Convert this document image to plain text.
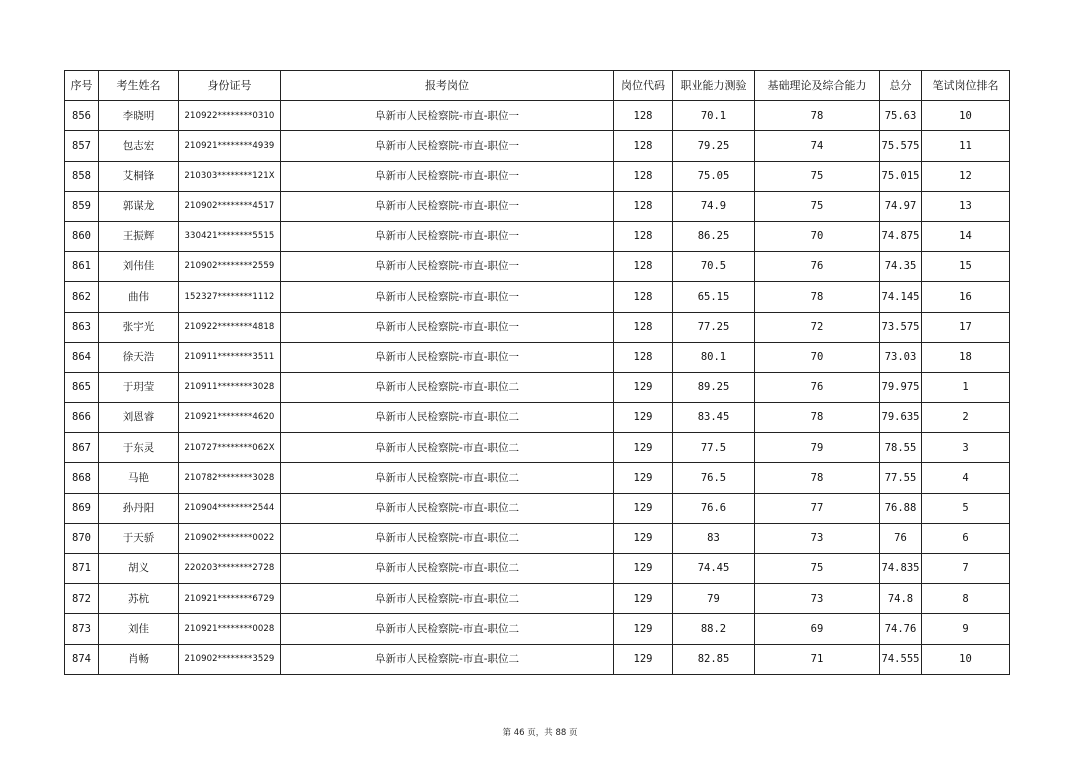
序号	考生姓名	身份证号	报考岗位	岗位代码	职业能力测验	基础理论及综合能力	总分	笔试岗位排名
856	李晓明	210922********0310	阜新市人民检察院-市直-职位一	128	70.1	78	75.63	10
857	包志宏	210921********4939	阜新市人民检察院-市直-职位一	128	79.25	74	75.575	11
858	艾桐锋	210303********121X	阜新市人民检察院-市直-职位一	128	75.05	75	75.015	12
859	郭谋龙	210902********4517	阜新市人民检察院-市直-职位一	128	74.9	75	74.97	13
860	王振辉	330421********5515	阜新市人民检察院-市直-职位一	128	86.25	70	74.875	14
861	刘伟佳	210902********2559	阜新市人民检察院-市直-职位一	128	70.5	76	74.35	15
862	曲伟	152327********1112	阜新市人民检察院-市直-职位一	128	65.15	78	74.145	16
863	张宇光	210922********4818	阜新市人民检察院-市直-职位一	128	77.25	72	73.575	17
864	徐天浩	210911********3511	阜新市人民检察院-市直-职位一	128	80.1	70	73.03	18
865	于玥莹	210911********3028	阜新市人民检察院-市直-职位二	129	89.25	76	79.975	1
866	刘恩睿	210921********4620	阜新市人民检察院-市直-职位二	129	83.45	78	79.635	2
867	于东灵	210727********062X	阜新市人民检察院-市直-职位二	129	77.5	79	78.55	3
868	马艳	210782********3028	阜新市人民检察院-市直-职位二	129	76.5	78	77.55	4
869	孙丹阳	210904********2544	阜新市人民检察院-市直-职位二	129	76.6	77	76.88	5
870	于天骄	210902********0022	阜新市人民检察院-市直-职位二	129	83	73	76	6
871	胡义	220203********2728	阜新市人民检察院-市直-职位二	129	74.45	75	74.835	7
872	苏杭	210921********6729	阜新市人民检察院-市直-职位二	129	79	73	74.8	8
873	刘佳	210921********0028	阜新市人民检察院-市直-职位二	129	88.2	69	74.76	9
874	肖畅	210902********3529	阜新市人民检察院-市直-职位二	129	82.85	71	74.555	10
第 46 页，共 88 页
